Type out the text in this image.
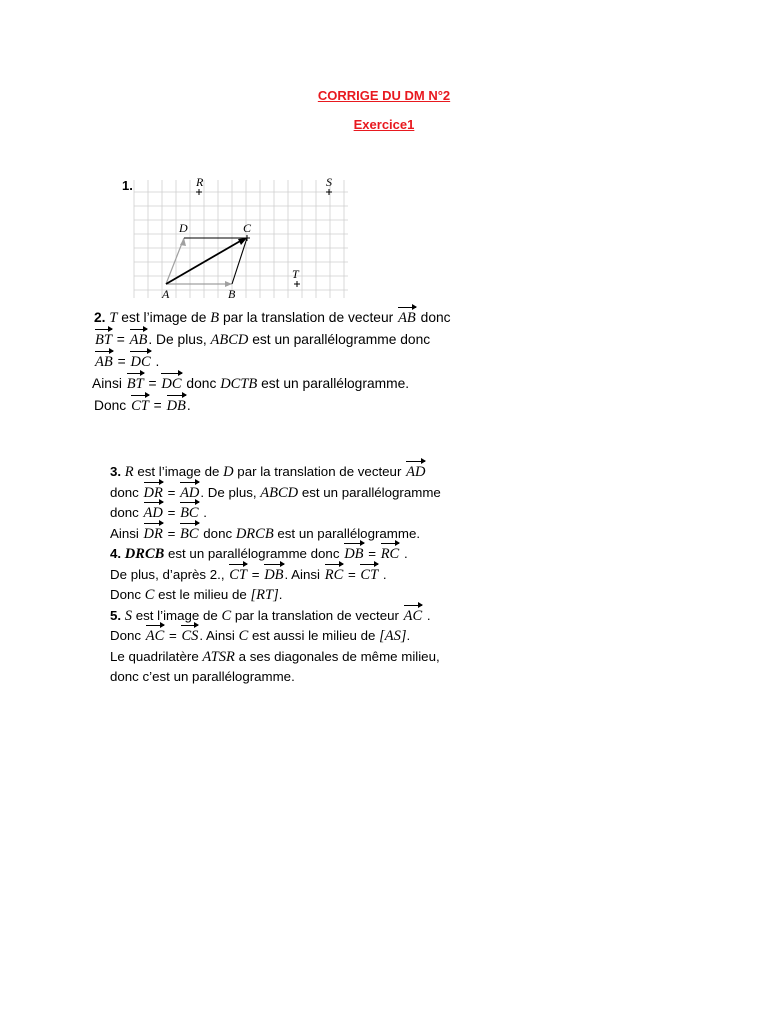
CORRIGE DU DM N°2
Exercice1
1.	R	S
D	C
T
A	B

2. T est l’image de B par la translation de vecteur AB donc

BT = AB. De plus, ABCD est un parallélogramme donc

AB = DC .

Ainsi BT = DC donc DCTB est un parallélogramme.

Donc CT = DB.

3. R est l’image de D par la translation de vecteur AD

donc DR = AD. De plus, ABCD est un parallélogramme

donc AD = BC .

Ainsi DR = BC donc DRCB est un parallélogramme.

4. DRCB est un parallélogramme donc DB = RC .

De plus, d’après 2., CT = DB. Ainsi RC = CT .

Donc C est le milieu de [RT].

5. S est l’image de C par la translation de vecteur AC .

Donc AC = CS. Ainsi C est aussi le milieu de [AS].

Le quadrilatère ATSR a ses diagonales de même milieu,

donc c’est un parallélogramme.
